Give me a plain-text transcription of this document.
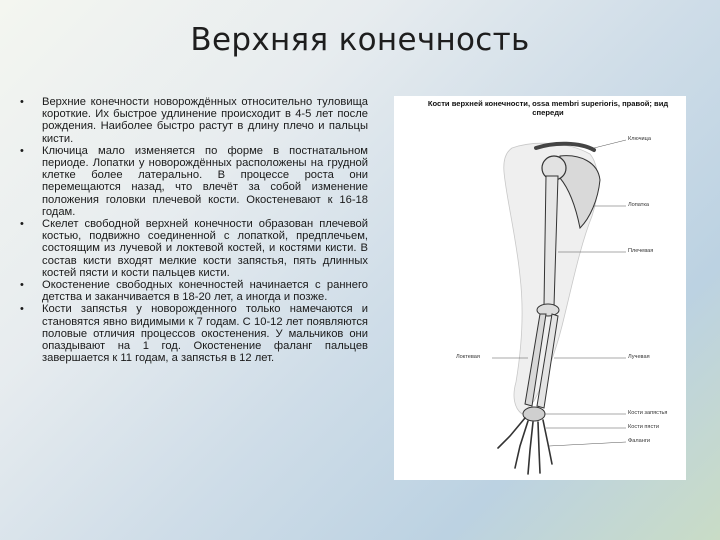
Верхняя конечность
• Верхние конечности новорождённых относительно туловища короткие. Их быстрое удлинение происходит в 4-5 лет после рождения. Наиболее быстро растут в длину плечо и пальцы кисти.
• Ключица мало изменяется по форме в постнатальном периоде. Лопатки у новорождённых расположены на грудной клетке более латерально. В процессе роста они перемещаются назад, что влечёт за собой изменение положения головки плечевой кости. Окостеневают к 16-18 годам.
• Скелет свободной верхней конечности образован плечевой костью, подвижно соединенной с лопаткой, предплечьем, состоящим из лучевой и локтевой костей, и костями кисти. В состав кисти входят мелкие кости запястья, пять длинных костей пясти и кости пальцев кисти.
• Окостенение свободных конечностей начинается с раннего детства и заканчивается в 18-20 лет, а иногда и позже.
• Кости запястья у новорожденного только намечаются и становятся явно видимыми к 7 годам. С 10-12 лет появляются половые отличия процессов окостенения. У мальчиков они опаздывают на 1 год. Окостенение фаланг пальцев завершается к 11 годам, а запястья в 12 лет.
Кости верхней конечности, ossa membri superioris, правой; вид спереди
Ключица
Лопатка
Плечевая
Лучевая
Локтевая
Кости запястья
Кости пясти
Фаланги
